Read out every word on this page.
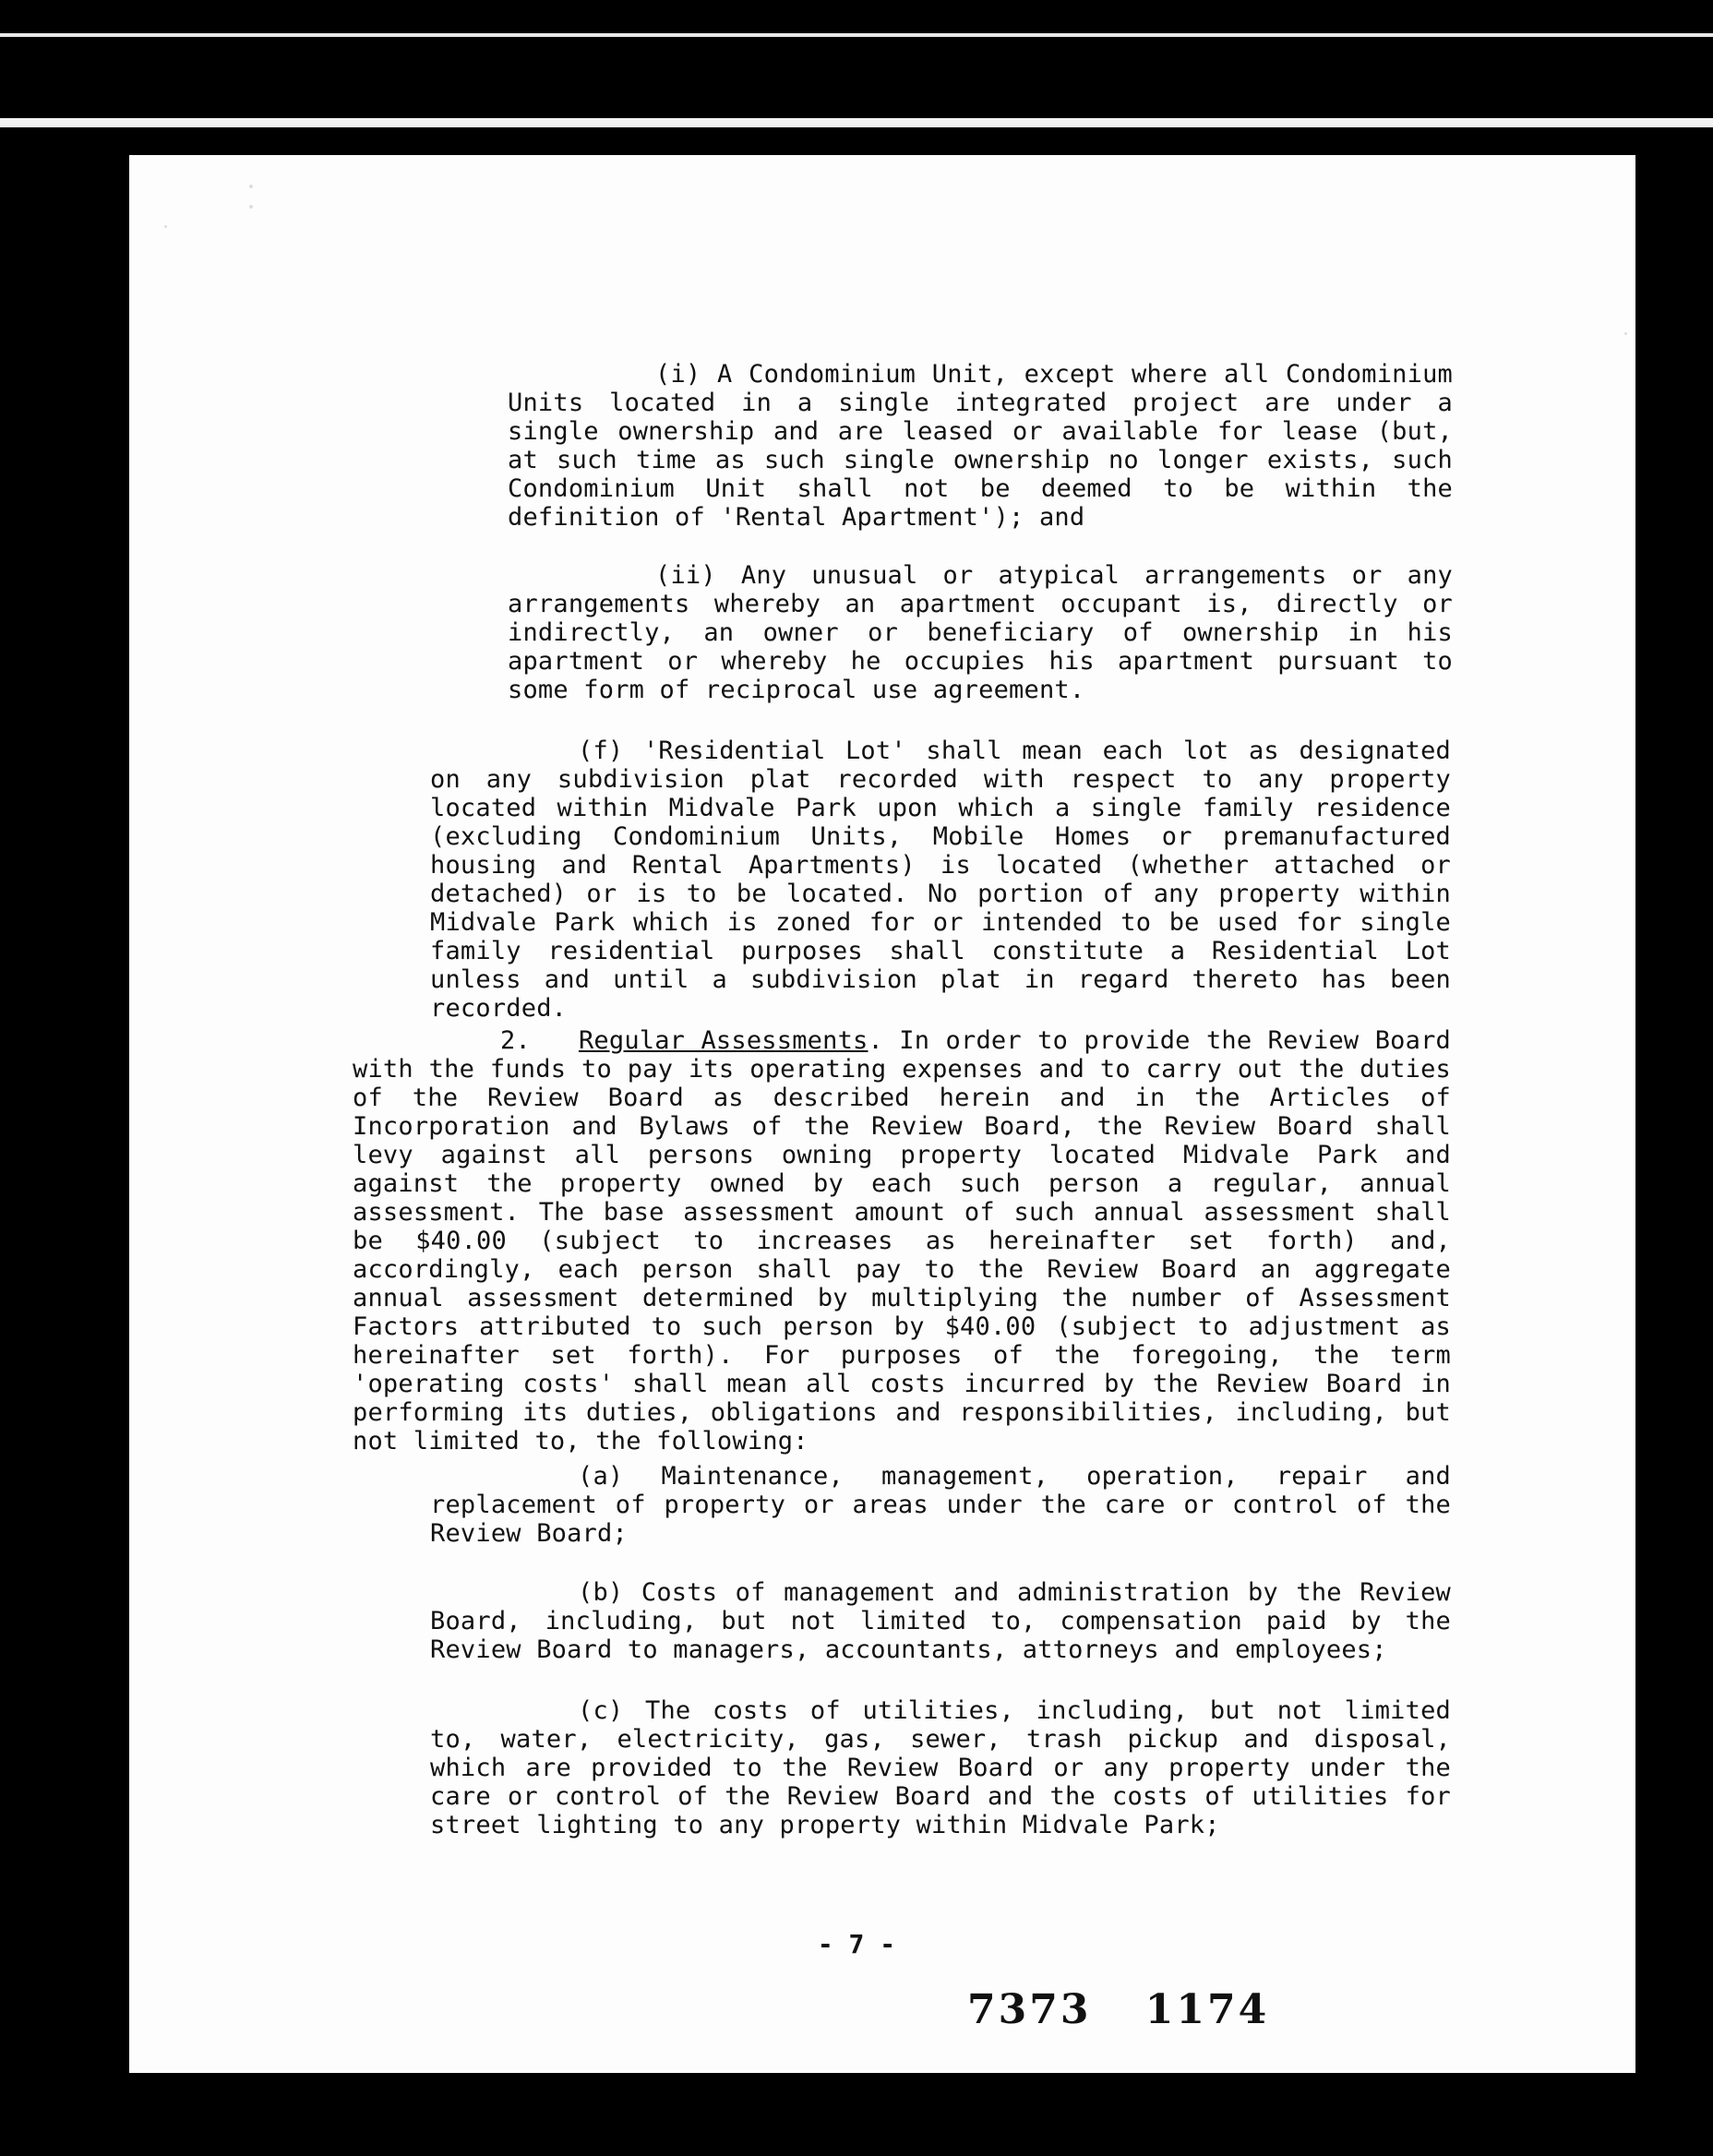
(i) A Condominium Unit, except where all Condominium Units located in a single integrated project are under a single ownership and are leased or available for lease (but, at such time as such single ownership no longer exists, such Condominium Unit shall not be deemed to be within the definition of 'Rental Apartment'); and

(ii) Any unusual or atypical arrangements or any arrangements whereby an apartment occupant is, directly or indirectly, an owner or beneficiary of ownership in his apartment or whereby he occupies his apartment pursuant to some form of reciprocal use agreement.

(f) 'Residential Lot' shall mean each lot as designated on any subdivision plat recorded with respect to any property located within Midvale Park upon which a single family residence (excluding Condominium Units, Mobile Homes or premanufactured housing and Rental Apartments) is located (whether attached or detached) or is to be located. No portion of any property within Midvale Park which is zoned for or intended to be used for single family residential purposes shall constitute a Residential Lot unless and until a subdivision plat in regard thereto has been recorded.

2. Regular Assessments. In order to provide the Review Board with the funds to pay its operating expenses and to carry out the duties of the Review Board as described herein and in the Articles of Incorporation and Bylaws of the Review Board, the Review Board shall levy against all persons owning property located Midvale Park and against the property owned by each such person a regular, annual assessment. The base assessment amount of such annual assessment shall be $40.00 (subject to increases as hereinafter set forth) and, accordingly, each person shall pay to the Review Board an aggregate annual assessment determined by multiplying the number of Assessment Factors attributed to such person by $40.00 (subject to adjustment as hereinafter set forth). For purposes of the foregoing, the term 'operating costs' shall mean all costs incurred by the Review Board in performing its duties, obligations and responsibilities, including, but not limited to, the following:

(a) Maintenance, management, operation, repair and replacement of property or areas under the care or control of the Review Board;

(b) Costs of management and administration by the Review Board, including, but not limited to, compensation paid by the Review Board to managers, accountants, attorneys and employees;

(c) The costs of utilities, including, but not limited to, water, electricity, gas, sewer, trash pickup and disposal, which are provided to the Review Board or any property under the care or control of the Review Board and the costs of utilities for street lighting to any property within Midvale Park;

- 7 -
7373 1174
